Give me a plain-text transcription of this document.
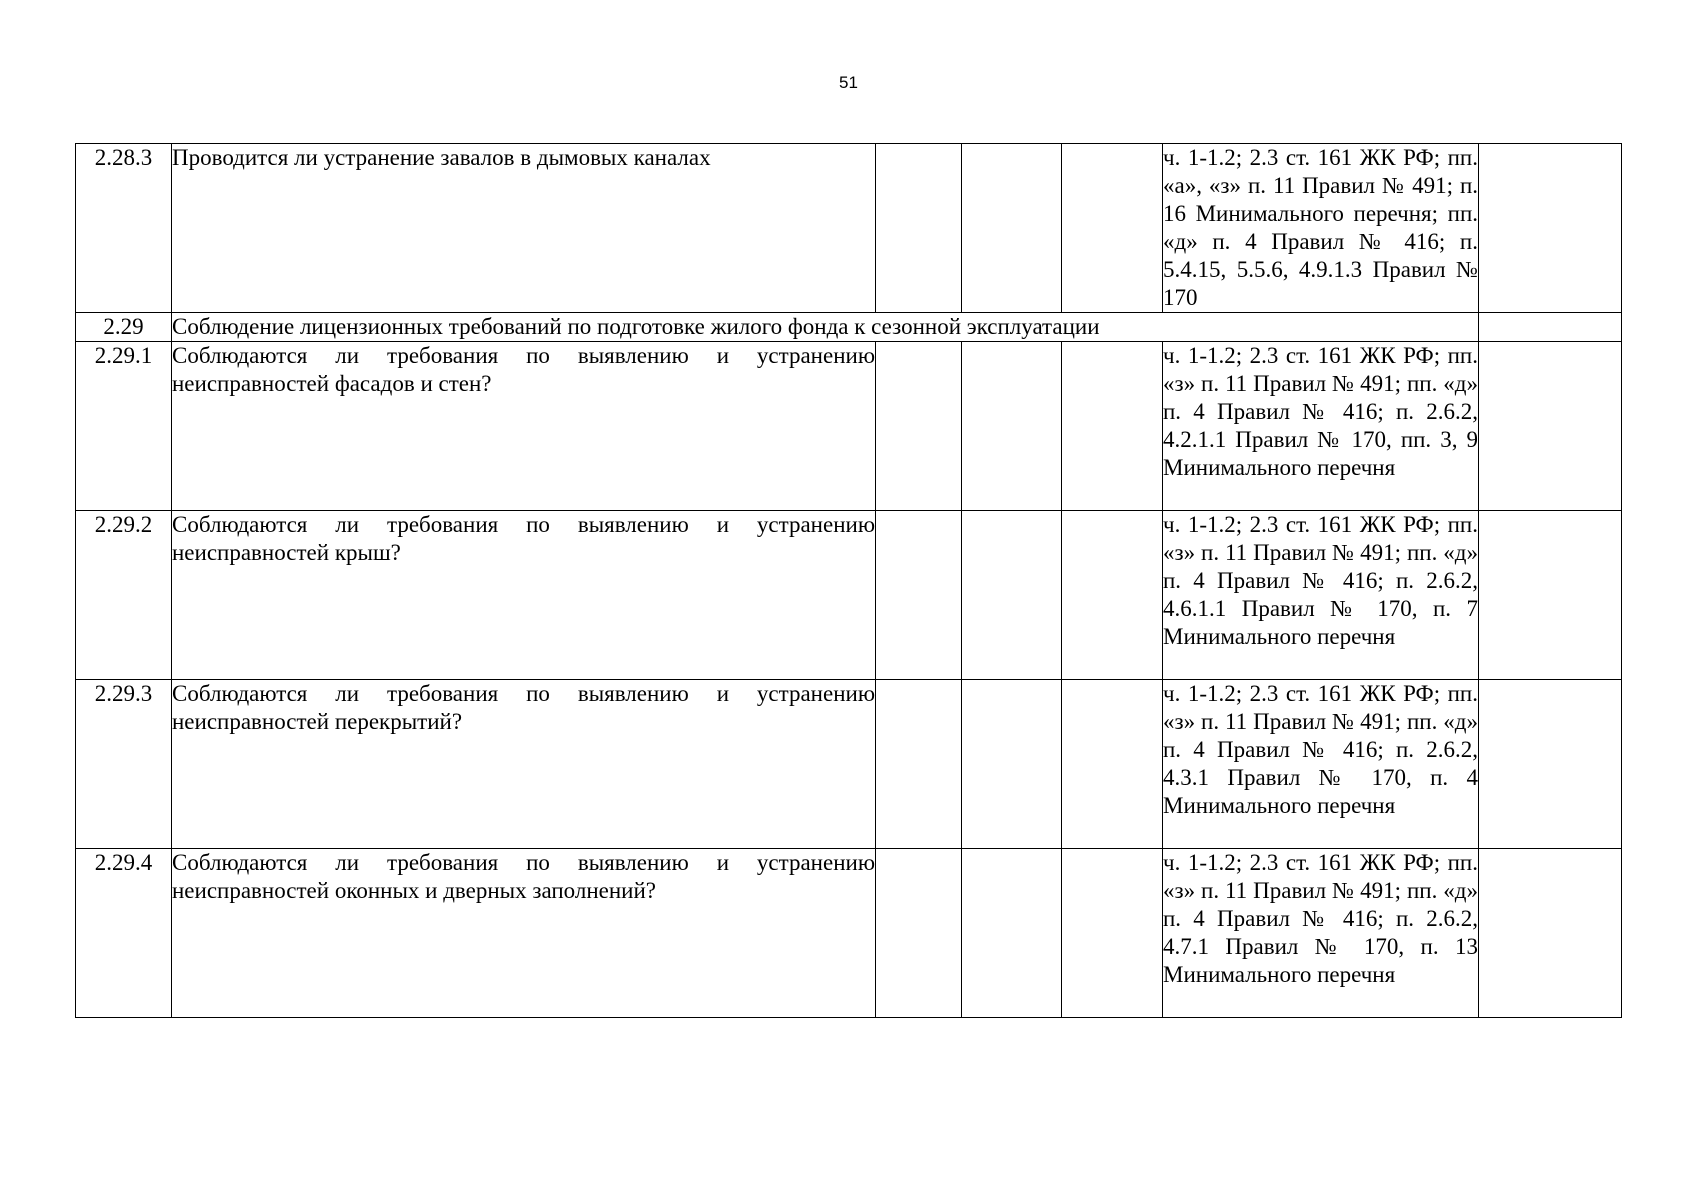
51
2.28.3	Проводится ли устранение завалов в дымовых каналах				ч. 1-1.2; 2.3 ст. 161 ЖК РФ; пп. «а», «з» п. 11 Правил № 491; п. 16 Минимального перечня; пп. «д» п. 4 Правил № 416; п. 5.4.15, 5.5.6, 4.9.1.3 Правил № 170	
2.29	Соблюдение лицензионных требований по подготовке жилого фонда к сезонной эксплуатации					
2.29.1	Соблюдаются ли требования по выявлению и устранению неисправностей фасадов и стен?				ч. 1-1.2; 2.3 ст. 161 ЖК РФ; пп. «з» п. 11 Правил № 491; пп. «д» п. 4 Правил № 416; п. 2.6.2, 4.2.1.1 Правил № 170, пп. 3, 9 Минимального перечня	
2.29.2	Соблюдаются ли требования по выявлению и устранению неисправностей крыш?				ч. 1-1.2; 2.3 ст. 161 ЖК РФ; пп. «з» п. 11 Правил № 491; пп. «д» п. 4 Правил № 416; п. 2.6.2, 4.6.1.1 Правил № 170, п. 7 Минимального перечня	
2.29.3	Соблюдаются ли требования по выявлению и устранению неисправностей перекрытий?				ч. 1-1.2; 2.3 ст. 161 ЖК РФ; пп. «з» п. 11 Правил № 491; пп. «д» п. 4 Правил № 416; п. 2.6.2, 4.3.1 Правил № 170, п. 4 Минимального перечня	
2.29.4	Соблюдаются ли требования по выявлению и устранению неисправностей оконных и дверных заполнений?				ч. 1-1.2; 2.3 ст. 161 ЖК РФ; пп. «з» п. 11 Правил № 491; пп. «д» п. 4 Правил № 416; п. 2.6.2, 4.7.1 Правил № 170, п. 13 Минимального перечня	
